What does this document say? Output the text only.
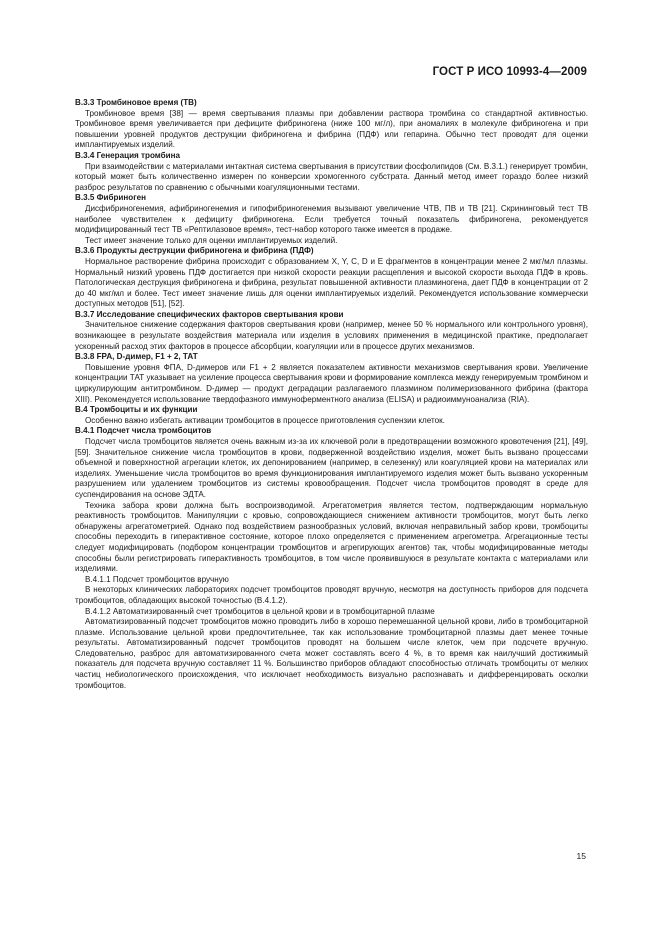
ГОСТ Р ИСО 10993-4—2009
В.3.3 Тромбиновое время (ТВ)

Тромбиновое время [38] — время свертывания плазмы при добавлении раствора тромбина со стандартной активностью. Тромбиновое время увеличивается при дефиците фибриногена (ниже 100 мг/л), при аномалиях в молекуле фибриногена и при повышении уровней продуктов деструкции фибриногена и фибрина (ПДФ) или гепарина. Обычно тест проводят для оценки имплантируемых изделий.

В.3.4 Генерация тромбина

При взаимодействии с материалами интактная система свертывания в присутствии фосфолипидов (См. В.3.1.) генерирует тромбин, который может быть количественно измерен по конверсии хромогенного субстрата. Данный метод имеет гораздо более низкий разброс результатов по сравнению с обычными коагуляционными тестами.

В.3.5 Фибриноген

Дисфибриногенемия, афибриногенемия и гипофибриногенемия вызывают увеличение ЧТВ, ПВ и ТВ [21]. Скрининговый тест ТВ наиболее чувствителен к дефициту фибриногена. Если требуется точный показатель фибриногена, рекомендуется модифицированный тест ТВ «Рептилазовое время», тест-набор которого также имеется в продаже.

Тест имеет значение только для оценки имплантируемых изделий.

В.3.6 Продукты деструкции фибриногена и фибрина (ПДФ)

Нормальное растворение фибрина происходит с образованием X, Y, C, D и E фрагментов в концентрации менее 2 мкг/мл плазмы. Нормальный низкий уровень ПДФ достигается при низкой скорости реакции расщепления и высокой скорости выхода ПДФ в кровь. Патологическая деструкция фибриногена и фибрина, результат повышенной активности плазминогена, дает ПДФ в концентрации от 2 до 40 мкг/мл и более. Тест имеет значение лишь для оценки имплантируемых изделий. Рекомендуется использование коммерчески доступных методов [51], [52].

В.3.7 Исследование специфических факторов свертывания крови

Значительное снижение содержания факторов свертывания крови (например, менее 50 % нормального или контрольного уровня), возникающее в результате воздействия материала или изделия в условиях применения в медицинской практике, предполагает ускоренный расход этих факторов в процессе абсорбции, коагуляции или в процессе других механизмов.

В.3.8 FPA, D-димер, F1 + 2, ТАТ

Повышение уровня ФПА, D-димеров или F1 + 2 является показателем активности механизмов свертывания крови. Увеличение концентрации ТАТ указывает на усиление процесса свертывания крови и формирование комплекса между генерируемым тромбином и циркулирующим антитромбином. D-димер — продукт деградации разлагаемого плазмином полимеризованного фибрина (фактора XIII). Рекомендуется использование твердофазного иммуноферментного анализа (ELISA) и радиоиммуноанализа (RIA).

В.4 Тромбоциты и их функции

Особенно важно избегать активации тромбоцитов в процессе приготовления суспензии клеток.

В.4.1 Подсчет числа тромбоцитов

Подсчет числа тромбоцитов является очень важным из-за их ключевой роли в предотвращении возможного кровотечения [21], [49], [59]. Значительное снижение числа тромбоцитов в крови, подверженной воздействию изделия, может быть вызвано процессами объемной и поверхностной агрегации клеток, их депонированием (например, в селезенку) или коагуляцией крови на материалах или изделиях. Уменьшение числа тромбоцитов во время функционирования имплантируемого изделия может быть вызвано ускоренным разрушением или удалением тромбоцитов из системы кровообращения. Подсчет числа тромбоцитов проводят в среде для суспендирования на основе ЭДТА.

Техника забора крови должна быть воспроизводимой. Агрегатометрия является тестом, подтверждающим нормальную реактивность тромбоцитов. Манипуляции с кровью, сопровождающиеся снижением активности тромбоцитов, могут быть легко обнаружены агрегатометрией. Однако под воздействием разнообразных условий, включая неправильный забор крови, тромбоциты способны переходить в гиперактивное состояние, которое плохо определяется с применением агрегометра. Агрегационные тесты следует модифицировать (подбором концентрации тромбоцитов и агрегирующих агентов) так, чтобы модифицированные методы способны были регистрировать гиперактивность тромбоцитов, в том числе проявившуюся в результате контакта с материалами или изделиями.

В.4.1.1 Подсчет тромбоцитов вручную

В некоторых клинических лабораториях подсчет тромбоцитов проводят вручную, несмотря на доступность приборов для подсчета тромбоцитов, обладающих высокой точностью (В.4.1.2).

В.4.1.2 Автоматизированный счет тромбоцитов в цельной крови и в тромбоцитарной плазме

Автоматизированный подсчет тромбоцитов можно проводить либо в хорошо перемешанной цельной крови, либо в тромбоцитарной плазме. Использование цельной крови предпочтительнее, так как использование тромбоцитарной плазмы дает менее точные результаты. Автоматизированный подсчет тромбоцитов проводят на большем числе клеток, чем при подсчете вручную. Следовательно, разброс для автоматизированного счета может составлять всего 4 %, в то время как наилучший достижимый показатель для подсчета вручную составляет 11 %. Большинство приборов обладают способностью отличать тромбоциты от мелких частиц небиологического происхождения, что исключает необходимость визуально распознавать и дифференцировать осколки тромбоцитов.

15
